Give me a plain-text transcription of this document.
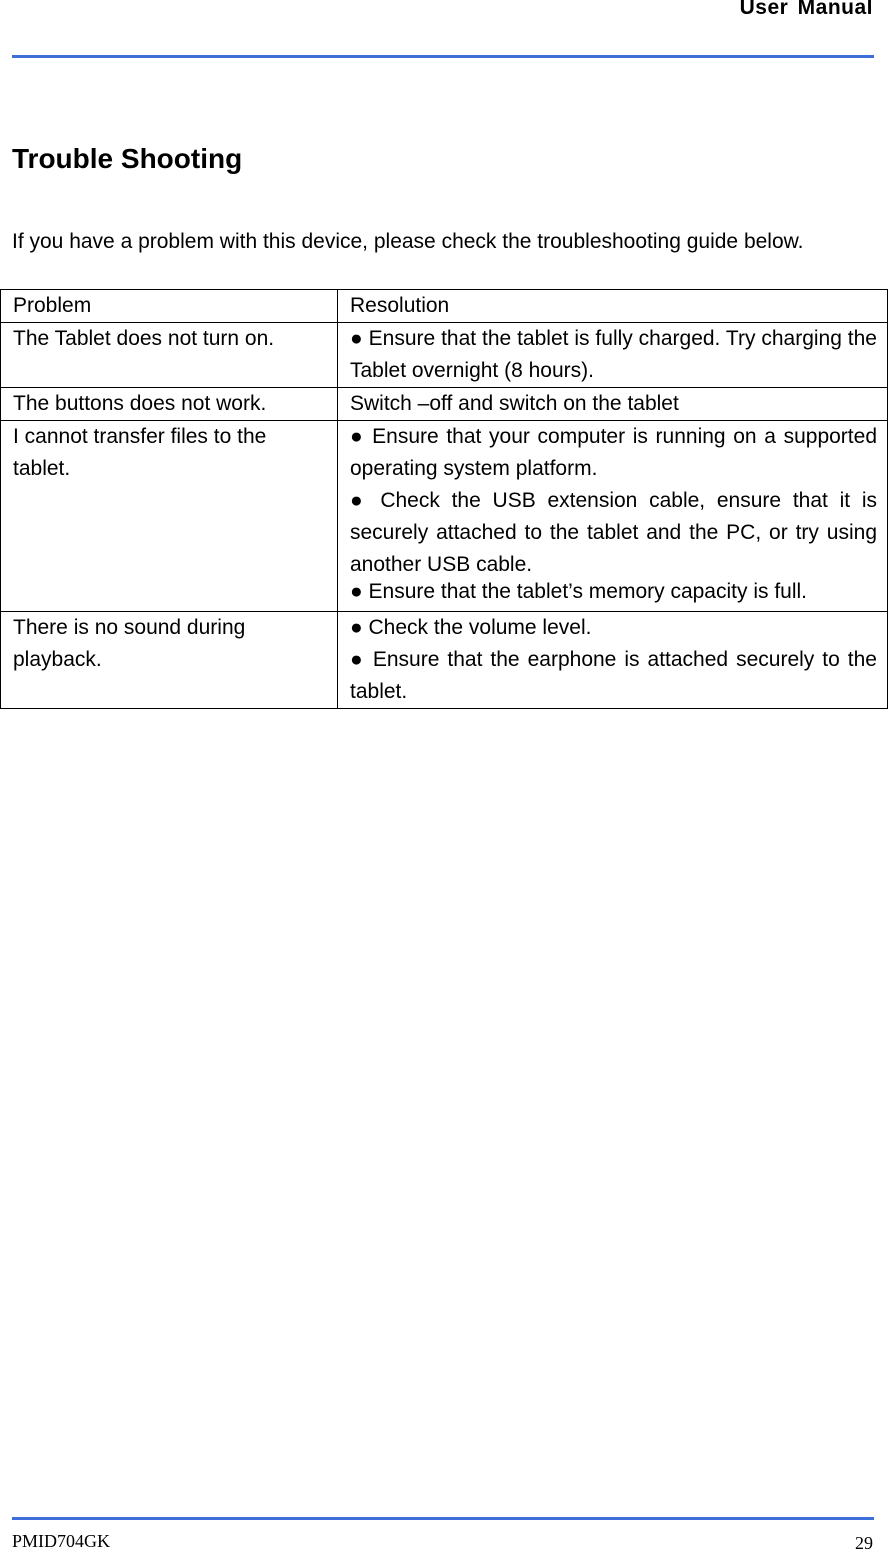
User Manual
Trouble Shooting

If you have a problem with this device, please check the troubleshooting guide below.

Problem	Resolution
The Tablet does not turn on.	● Ensure that the tablet is fully charged. Try charging the Tablet overnight (8 hours).

The buttons does not work.	Switch –off and switch on the tablet

I cannot transfer files to the tablet.	● Ensure that your computer is running on a supported operating system platform.

● Check the USB extension cable, ensure that it is securely attached to the tablet and the PC, or try using another USB cable.

● Ensure that the tablet’s memory capacity is full.

There is no sound during playback.	● Check the volume level.

● Ensure that the earphone is attached securely to the tablet.

PMID704GK	29
